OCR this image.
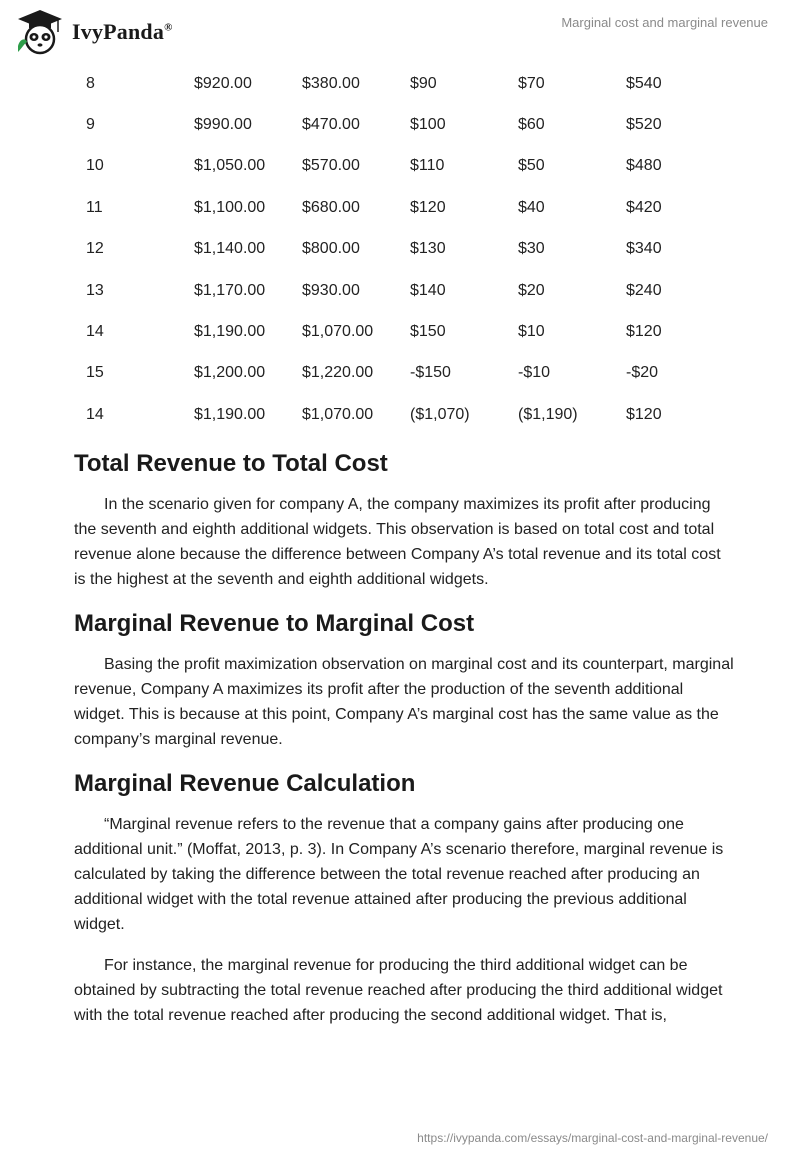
IvyPanda®	Marginal cost and marginal revenue
8	$920.00	$380.00	$90	$70	$540
9	$990.00	$470.00	$100	$60	$520
10	$1,050.00	$570.00	$110	$50	$480
11	$1,100.00	$680.00	$120	$40	$420
12	$1,140.00	$800.00	$130	$30	$340
13	$1,170.00	$930.00	$140	$20	$240
14	$1,190.00	$1,070.00	$150	$10	$120
15	$1,200.00	$1,220.00	-$150	-$10	-$20
14	$1,190.00	$1,070.00	($1,070)	($1,190)	$120
Total Revenue to Total Cost

In the scenario given for company A, the company maximizes its profit after producing the seventh and eighth additional widgets. This observation is based on total cost and total revenue alone because the difference between Company A’s total revenue and its total cost is the highest at the seventh and eighth additional widgets.

Marginal Revenue to Marginal Cost

Basing the profit maximization observation on marginal cost and its counterpart, marginal revenue, Company A maximizes its profit after the production of the seventh additional widget. This is because at this point, Company A’s marginal cost has the same value as the company’s marginal revenue.

Marginal Revenue Calculation

“Marginal revenue refers to the revenue that a company gains after producing one additional unit.” (Moffat, 2013, p. 3). In Company A’s scenario therefore, marginal revenue is calculated by taking the difference between the total revenue reached after producing an additional widget with the total revenue attained after producing the previous additional widget.

For instance, the marginal revenue for producing the third additional widget can be obtained by subtracting the total revenue reached after producing the third additional widget with the total revenue reached after producing the second additional widget. That is,

https://ivypanda.com/essays/marginal-cost-and-marginal-revenue/
